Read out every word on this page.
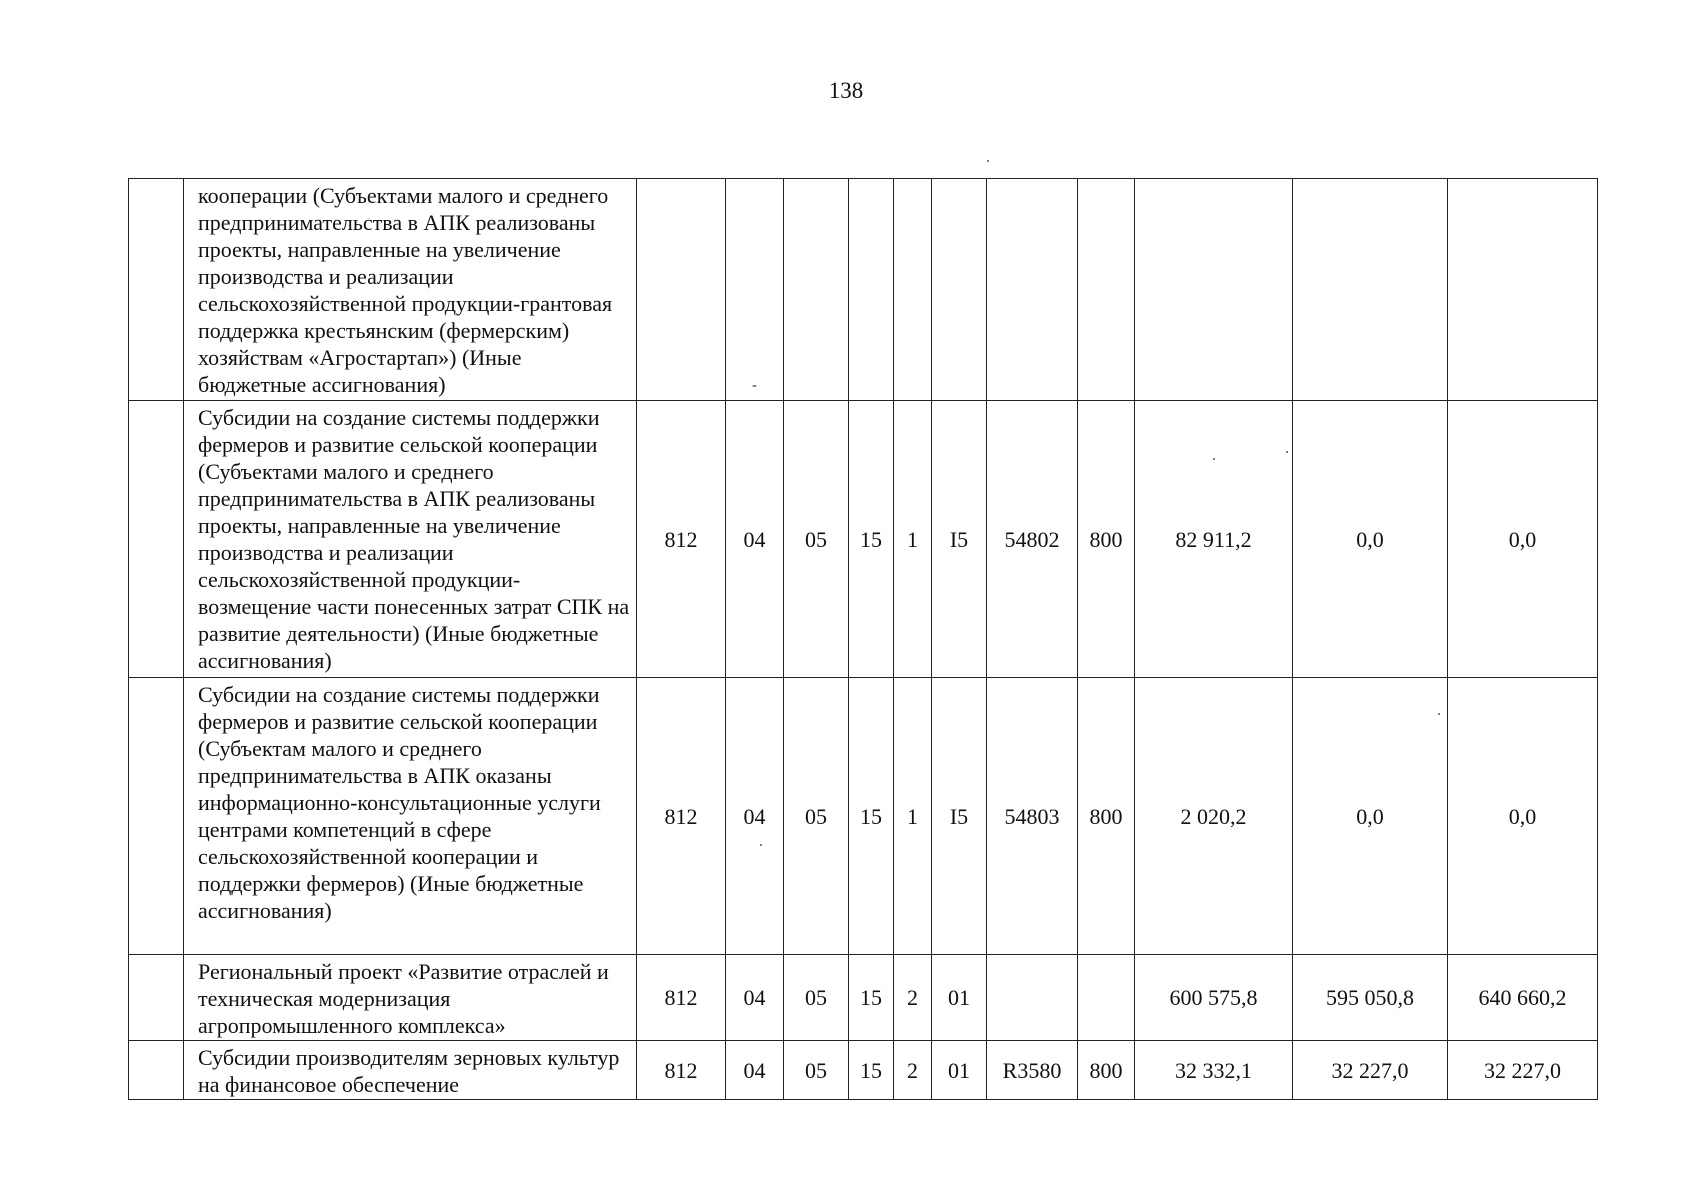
138
	кооперации (Субъектами малого и среднего предпринимательства в АПК реализованы проекты, направленные на увеличение производства и реализации сельскохозяйственной продукции-грантовая поддержка крестьянским (фермерским) хозяйствам «Агростартап») (Иные бюджетные ассигнования)		-									

	Субсидии на создание системы поддержки фермеров и развитие сельской кооперации (Субъектами малого и среднего предпринимательства в АПК реализованы проекты, направленные на увеличение производства и реализации сельскохозяйственной продукции-возмещение части понесенных затрат СПК на развитие деятельности) (Иные бюджетные ассигнования)	812	04	05	15	1	I5	54802	800	82 911,2	0,0	0,0
	Субсидии на создание системы поддержки фермеров и развитие сельской кооперации (Субъектам малого и среднего предпринимательства в АПК оказаны информационно-консультационные услуги центрами компетенций в сфере сельскохозяйственной кооперации и поддержки фермеров) (Иные бюджетные ассигнования)	812	04	05	15	1	I5	54803	800	2 020,2	0,0	0,0
	Региональный проект «Развитие отраслей и техническая модернизация агропромышленного комплекса»	812	04	05	15	2	01			600 575,8	595 050,8	640 660,2
	Субсидии производителям зерновых культур на финансовое обеспечение	812	04	05	15	2	01	R3580	800	32 332,1	32 227,0	32 227,0
